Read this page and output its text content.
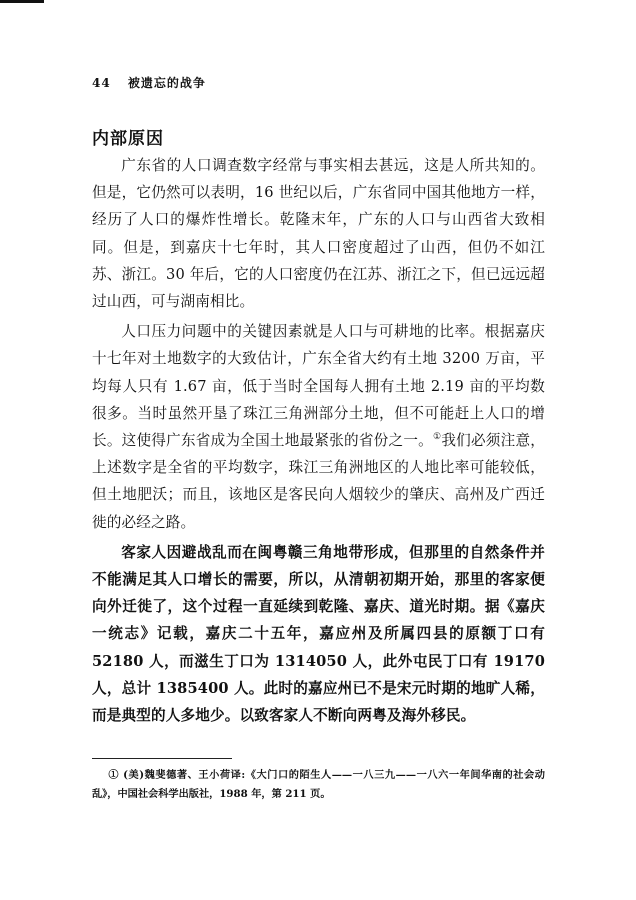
44 被遗忘的战争
内部原因

广东省的人口调查数字经常与事实相去甚远，这是人所共知的。但是，它仍然可以表明，16 世纪以后，广东省同中国其他地方一样，经历了人口的爆炸性增长。乾隆末年，广东的人口与山西省大致相同。但是，到嘉庆十七年时，其人口密度超过了山西，但仍不如江苏、浙江。30 年后，它的人口密度仍在江苏、浙江之下，但已远远超过山西，可与湖南相比。

人口压力问题中的关键因素就是人口与可耕地的比率。根据嘉庆十七年对土地数字的大致估计，广东全省大约有土地 3200 万亩，平均每人只有 1.67 亩，低于当时全国每人拥有土地 2.19 亩的平均数很多。当时虽然开垦了珠江三角洲部分土地，但不可能赶上人口的增长。这使得广东省成为全国土地最紧张的省份之一。①我们必须注意，上述数字是全省的平均数字，珠江三角洲地区的人地比率可能较低，但土地肥沃；而且，该地区是客民向人烟较少的肇庆、高州及广西迁徙的必经之路。

客家人因避战乱而在闽粤赣三角地带形成，但那里的自然条件并不能满足其人口增长的需要，所以，从清朝初期开始，那里的客家便向外迁徙了，这个过程一直延续到乾隆、嘉庆、道光时期。据《嘉庆一统志》记载，嘉庆二十五年，嘉应州及所属四县的原额丁口有 52180 人，而滋生丁口为 1314050 人，此外屯民丁口有 19170 人，总计 1385400 人。此时的嘉应州已不是宋元时期的地旷人稀，而是典型的人多地少。以致客家人不断向两粤及海外移民。

① (美)魏斐德著、王小荷译:《大门口的陌生人——一八三九——一八六一年间华南的社会动乱》，中国社会科学出版社，1988 年，第 211 页。
